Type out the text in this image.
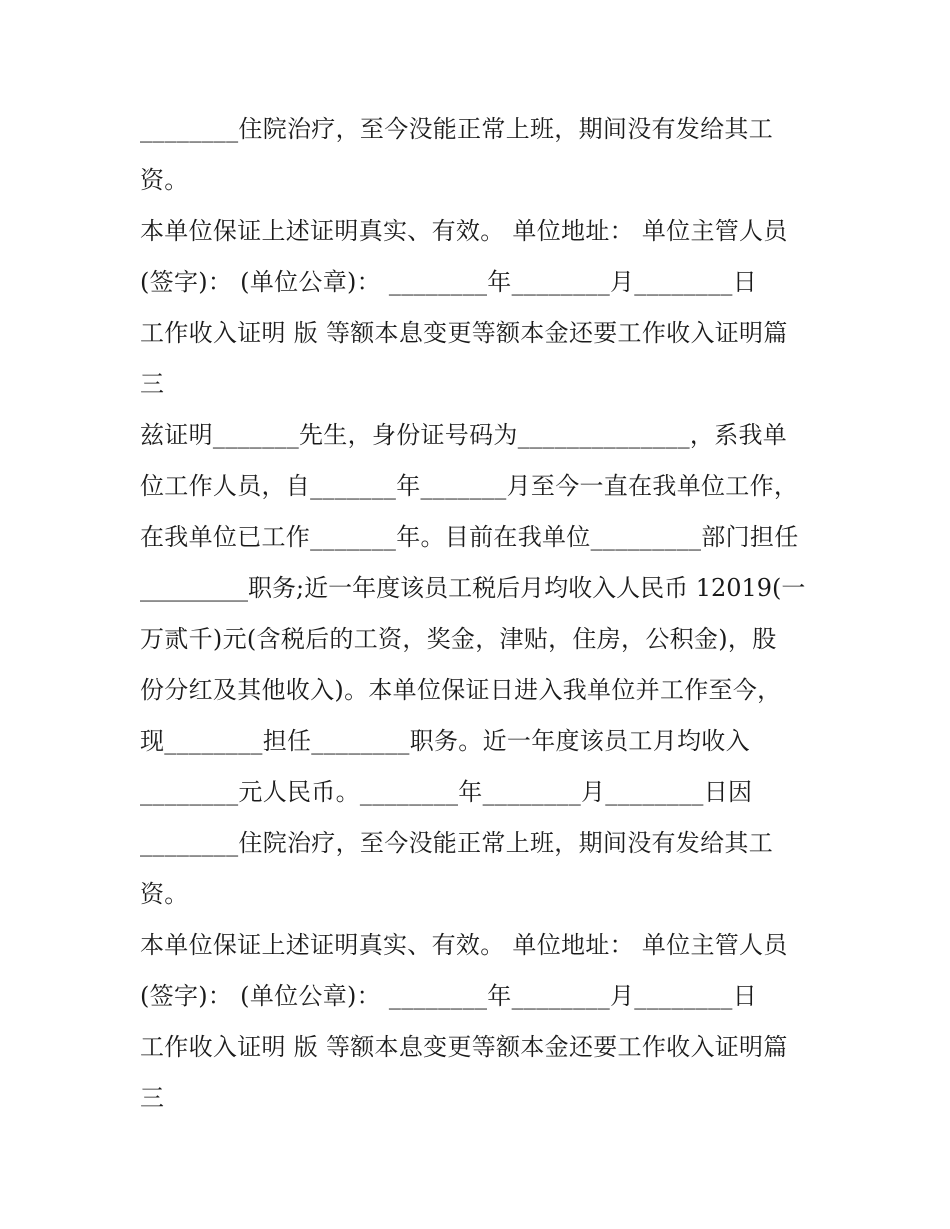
________住院治疗，至今没能正常上班，期间没有发给其工
资。
本单位保证上述证明真实、有效。 单位地址： 单位主管人员
(签字)： (单位公章)： ________年________月________日
工作收入证明 版 等额本息变更等额本金还要工作收入证明篇
三
兹证明_______先生，身份证号码为______________，系我单
位工作人员，自_______年_______月至今一直在我单位工作，
在我单位已工作_______年。目前在我单位_________部门担任
_________职务;近一年度该员工税后月均收入人民币 12019(一
万贰千)元(含税后的工资，奖金，津贴，住房，公积金)，股
份分红及其他收入)。本单位保证日进入我单位并工作至今，
现________担任________职务。近一年度该员工月均收入
________元人民币。________年________月________日因
________住院治疗，至今没能正常上班，期间没有发给其工
资。
本单位保证上述证明真实、有效。 单位地址： 单位主管人员
(签字)： (单位公章)： ________年________月________日
工作收入证明 版 等额本息变更等额本金还要工作收入证明篇
三
